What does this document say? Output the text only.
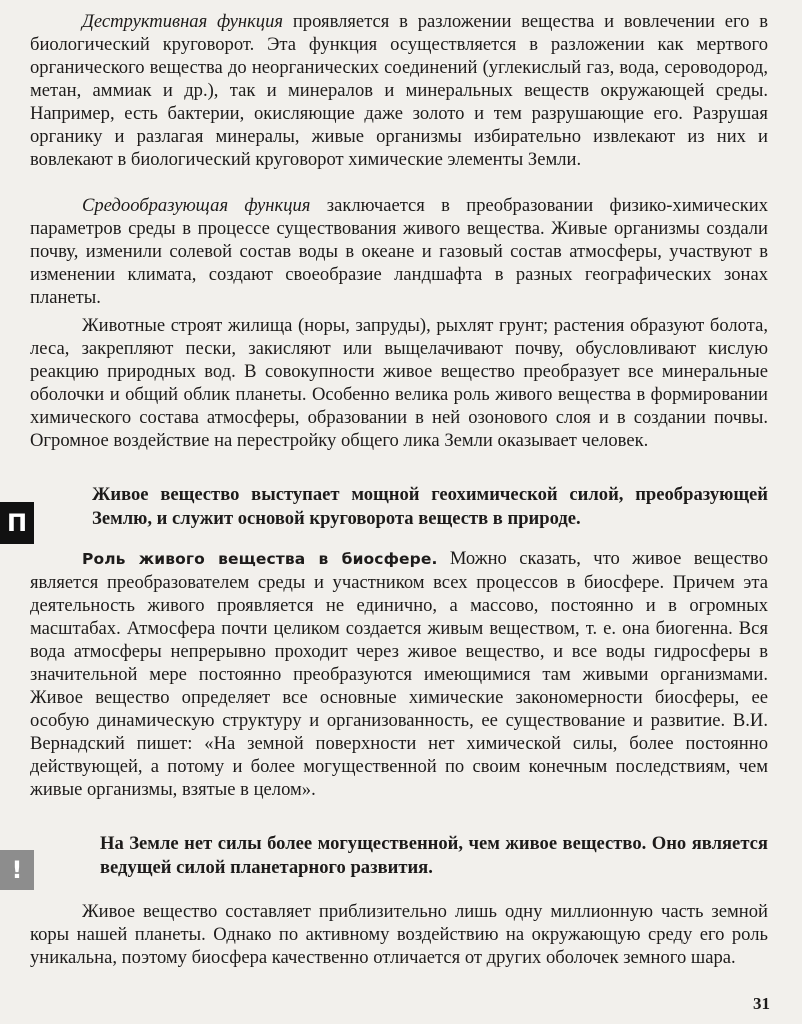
Деструктивная функция проявляется в разложении вещества и вовлечении его в биологический круговорот. Эта функция осуществляется в разложении как мертвого органического вещества до неорганических соединений (углекислый газ, вода, сероводород, метан, аммиак и др.), так и минералов и минеральных веществ окружающей среды. Например, есть бактерии, окисляющие даже золото и тем разрушающие его. Разрушая органику и разлагая минералы, живые организмы избирательно извлекают из них и вовлекают в биологический круговорот химические элементы Земли.

Средообразующая функция заключается в преобразовании физико-химических параметров среды в процессе существования живого вещества. Живые организмы создали почву, изменили солевой состав воды в океане и газовый состав атмосферы, участвуют в изменении климата, создают своеобразие ландшафта в разных географических зонах планеты.

Животные строят жилища (норы, запруды), рыхлят грунт; растения образуют болота, леса, закрепляют пески, закисляют или выщелачивают почву, обусловливают кислую реакцию природных вод. В совокупности живое вещество преобразует все минеральные оболочки и общий облик планеты. Особенно велика роль живого вещества в формировании химического состава атмосферы, образовании в ней озонового слоя и в создании почвы. Огромное воздействие на перестройку общего лика Земли оказывает человек.

П

Живое вещество выступает мощной геохимической силой, преобразующей Землю, и служит основой круговорота веществ в природе.

Роль живого вещества в биосфере. Можно сказать, что живое вещество является преобразователем среды и участником всех процессов в биосфере. Причем эта деятельность живого проявляется не единично, а массово, постоянно и в огромных масштабах. Атмосфера почти целиком создается живым веществом, т. е. она биогенна. Вся вода атмосферы непрерывно проходит через живое вещество, и все воды гидросферы в значительной мере постоянно преобразуются имеющимися там живыми организмами. Живое вещество определяет все основные химические закономерности биосферы, ее особую динамическую структуру и организованность, ее существование и развитие. В.И. Вернадский пишет: «На земной поверхности нет химической силы, более постоянно действующей, а потому и более могущественной по своим конечным последствиям, чем живые организмы, взятые в целом».

!

На Земле нет силы более могущественной, чем живое вещество. Оно является ведущей силой планетарного развития.

Живое вещество составляет приблизительно лишь одну миллионную часть земной коры нашей планеты. Однако по активному воздействию на окружающую среду его роль уникальна, поэтому биосфера качественно отличается от других оболочек земного шара.

31
